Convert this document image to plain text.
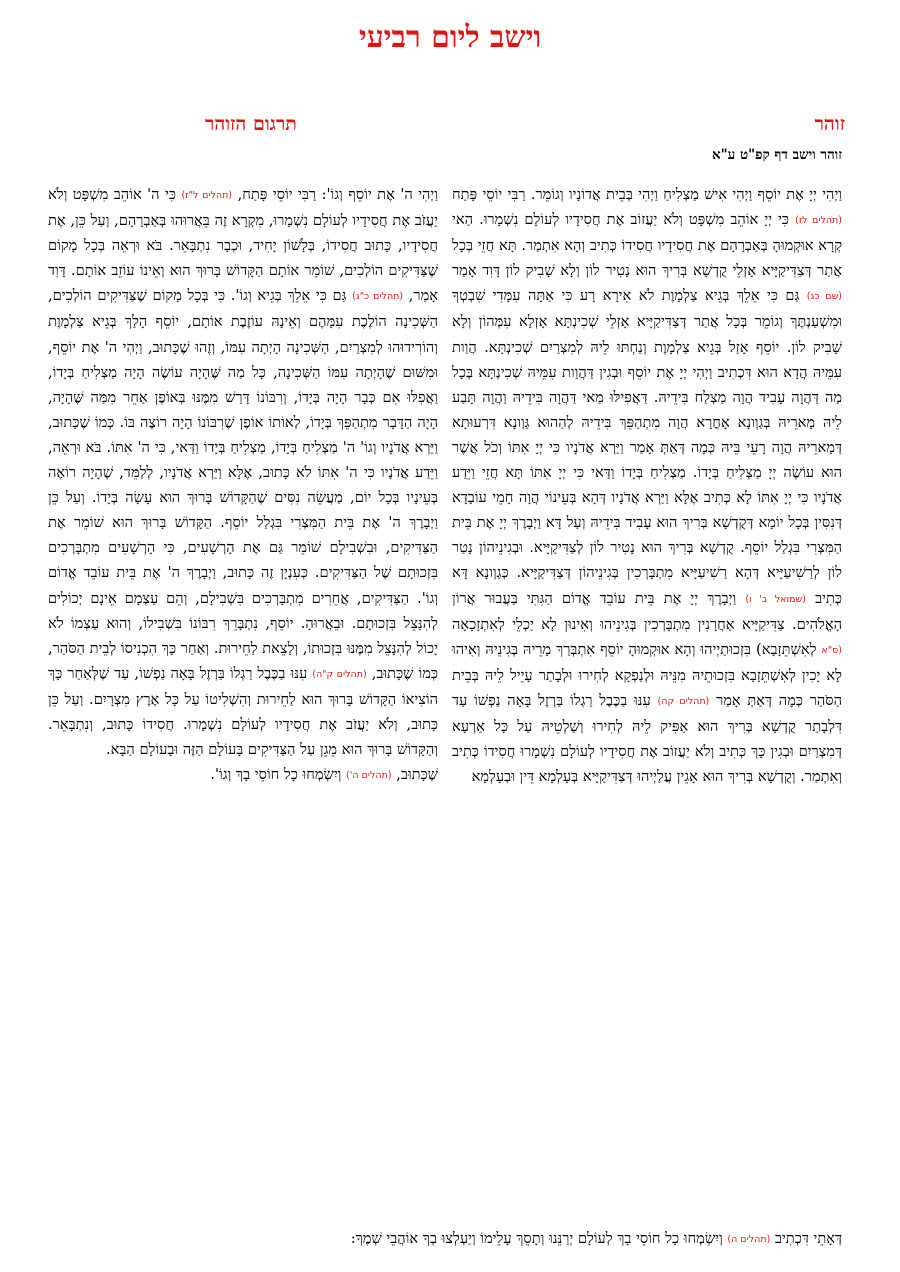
וישב ליום רביעי
תרגום הזוהר	זוהר
זוהר וישב דף קפ"ט ע"א

וַיְהִי יְיָ אֶת יוֹסֵף וַיְהִי אִישׁ מַצְלִיחַ וַיְהִי בְּבֵית אֲדוֹנָיו וְגוֹמֵר. רַבִּי יוֹסֵי פָּתַח (תהלים לז) כִּי יְיָ אוֹהֵב מִשְׁפָּט וְלֹא יַעֲזוֹב אֶת חֲסִידָיו לְעוֹלָם נִשְׁמָרוּ. הַאי קְרָא אוּקְמוּהָ בְּאַבְרָהָם אֶת חֲסִידָיו חֲסִידוֹ כְּתִיב וְהָא אִתְמַר. תָּא חֲזֵי בְּכָל אֲתַר דְּצַדִּיקַיָּיא אָזְלֵי קֻדְשָׁא בְּרִיךְ הוּא נָטִיר לוֹן וְלָא שָׁבִיק לוֹן דָּוִד אָמַר (שם כג) גַּם כִּי אֵלֵךְ בְּגֵיא צַלְמָוֶת לֹא אִירָא רָע כִּי אַתָּה עִמָּדִי שִׁבְטְךָ וּמִשְׁעַנְתֶּךָ וְגוֹמֵר בְּכָל אֲתַר דְּצַדִּיקַיָּיא אָזְלֵי שְׁכִינְתָּא אָזְלָא עִמְּהוֹן וְלָא שָׁבִיק לוֹן. יוֹסֵף אָזַל בְּגֵיא צַלְמָוֶת וְנַחְתּוּ לֵיהּ לְמִצְרַיִם שְׁכִינְתָּא. הֲוַות עִמֵּיהּ הֲדָא הוּא דִּכְתִיב וַיְהִי יְיָ אֶת יוֹסֵף וּבְגִין דַּהֲוַות עִמֵּיהּ שְׁכִינְתָּא בְּכָל מַה דַּהֲוָה עָבִיד הֲוָה מַצְלַח בִּידֵיהּ. דַּאֲפִילּוּ מַאי דַּהֲוָה בִּידֵיהּ וַהֲוָה תָּבַע לֵיהּ מָארֵיהּ בְּגַוְונָא אָחֳרָא הֲוָה מִתְהַפֵּךְ בִּידֵיהּ לְהַהוּא גַּוְונָא דִּרְעוּתָא דְּמָארֵיהּ הֲוָה רָעֵי בֵּיהּ כְּמָה דְּאַתְּ אָמַר וַיַּרְא אֲדֹנָיו כִּי יְיָ אִתּוֹ וְכֹל אֲשֶׁר הוּא עוֹשֶׂה יְיָ מַצְלִיחַ בְּיָדוֹ. מַצְלִיחַ בְּיָדוֹ וַדַּאי כִּי יְיָ אִתּוֹ תָּא חֲזֵי וַיֵּדַע אֲדֹנָיו כִּי יְיָ אִתּוֹ לָא כְּתִיב אֶלָּא וַיַּרְא אֲדֹנָיו דְּהָא בְּעֵינוֹי הֲוָה חָמֵי עוֹבָדָא דְּנִסִּין בְּכָל יוֹמָא דְּקֻדְשָׁא בְּרִיךְ הוּא עָבִיד בִּידֵיהּ וְעַל דָּא וַיְבָרֶךְ יְיָ אֶת בֵּית הַמִּצְרִי בִּגְלַל יוֹסֵף. קֻדְשָׁא בְּרִיךְ הוּא נָטִיר לוֹן לְצַדִּיקַיָּיא. וּבְגִינֵיהוֹן נָטַר לוֹן לְרַשִׁיעַיָּיא דְּהָא רַשִׁיעַיָּיא מִתְבָּרְכִין בְּגִינֵיהוֹן דְּצַדִּיקַיָּיא. כְּגַוְונָא דָּא כְּתִיב (שמואל ב' ו) וַיְבָרֶךְ יְיָ אֶת בֵּית עוֹבֵד אֱדוֹם הַגִּתִּי בַּעֲבוּר אֲרוֹן הָאֱלֹהִים. צַדִּיקַיָּיא אַחֲרָנִין מִתְבָּרְכִין בְּגִינֵיהוּ וְאִינוּן לָא יַכְלֵי לְאִתְזָכָאָה (ס"א לְאִשְׁתֵּזָבָא) בִּזְכוּתַיְיהוּ וְהָא אוּקְמוּהָ יוֹסֵף אִתְבְּרַךְ מָרֵיהּ בְּגִינֵיהּ וְאִיהוּ לָא יָכִין לְאִשְׁתֵּזָבָא בִּזְכוּתֵיהּ מִנֵּיהּ וּלְנַפְקָא לְחִירוּ וּלְבָתַר עָיֵיל לֵיהּ בְּבֵית הַסֹּהַר כְּמָה דְּאַתְּ אָמַר (תהלים קה) עִנּוּ בַכֶּבֶל רַגְלוֹ בַּרְזֶל בָּאָה נַפְשׁוֹ עַד דִּלְבָתַר קֻדְשָׁא בְּרִיךְ הוּא אַפִּיק לֵיהּ לְחִירוּ וְשַׁלְטֵיהּ עַל כָּל אַרְעָא דְּמִצְרַיִם וּבְגִין כָּךְ כְּתִיב וְלֹא יַעֲזוֹב אֶת חֲסִידָיו לְעוֹלָם נִשְׁמָרוּ חֲסִידוֹ כְּתִיב וְאִתְמַר. וְקֻדְשָׁא בְּרִיךְ הוּא אָגֵין עֲלַיְיהוּ דְּצַדִּיקַיָּיא בְּעָלְמָא דֵּין וּבְעָלְמָא

וַיְהִי ה' אֶת יוֹסֵף וְגוֹ': רַבִּי יוֹסֵי פָּתַח, (תהלים ל"ז) כִּי ה' אוֹהֵב מִשְׁפָּט וְלֹא יַעֲזֹב אֶת חֲסִידָיו לְעוֹלָם נִשְׁמָרוּ, מִקְרָא זֶה בֵּאֲרוּהוּ בְּאַבְרָהָם, וְעַל כֵּן, אֶת חֲסִידָיו, כָּתוּב חֲסִידוֹ, בְּלָשׁוֹן יָחִיד, וּכְבָר נִתְבָּאֵר. בֹּא וּרְאֵה בְּכָל מָקוֹם שֶׁצַּדִּיקִים הוֹלְכִים, שׁוֹמֵר אוֹתָם הַקָּדוֹשׁ בָּרוּךְ הוּא וְאֵינוֹ עוֹזֵב אוֹתָם. דָּוִד אָמַר, (תהלים כ"ג) גַּם כִּי אֵלֵךְ בְּגֵיא וְגוֹ'. כִּי בְּכָל מָקוֹם שֶׁצַּדִּיקִים הוֹלְכִים, הַשְּׁכִינָה הוֹלֶכֶת עִמָּהֶם וְאֵינָהּ עוֹזֶבֶת אוֹתָם, יוֹסֵף הָלַךְ בְּגֵיא צַלְמָוֶת וְהוֹרִידוּהוּ לְמִצְרַיִם, הַשְּׁכִינָה הָיְתָה עִמּוֹ, וְזֶהוּ שֶׁכָּתוּב, וַיְהִי ה' אֶת יוֹסֵף, וּמִשּׁוּם שֶׁהָיְתָה עִמּוֹ הַשְּׁכִינָה, כָּל מַה שֶּׁהָיָה עוֹשֶׂה הָיָה מַצְלִיחַ בְּיָדוֹ, וַאֲפִלּוּ אִם כְּבָר הָיָה בְּיָדוֹ, וְרִבּוֹנוֹ דָּרַשׁ מִמֶּנּוּ בְּאוֹפֶן אַחֵר מִמַּה שֶּׁהָיָה, הָיָה הַדָּבָר מִתְהַפֵּךְ בְּיָדוֹ, לְאוֹתוֹ אוֹפֶן שֶׁרִבּוֹנוֹ הָיָה רוֹצֶה בּוֹ. כְּמוֹ שֶׁכָּתוּב, וַיַּרְא אֲדֹנָיו וְגוֹ' ה' מַצְלִיחַ בְּיָדוֹ, מַצְלִיחַ בְּיָדוֹ וַדַּאי, כִּי ה' אִתּוֹ. בֹּא וּרְאֵה, וַיֵּדַע אֲדֹנָיו כִּי ה' אִתּוֹ לֹא כָּתוּב, אֶלָּא וַיַּרְא אֲדֹנָיו, לְלַמֵּד, שֶׁהָיָה רוֹאֶה בְּעֵינָיו בְּכָל יוֹם, מַעֲשֵׂה נִסִּים שֶׁהַקָּדוֹשׁ בָּרוּךְ הוּא עָשָׂה בְּיָדוֹ. וְעַל כֵּן וַיְבָרֶךְ ה' אֶת בֵּית הַמִּצְרִי בִּגְלַל יוֹסֵף. הַקָּדוֹשׁ בָּרוּךְ הוּא שׁוֹמֵר אֶת הַצַּדִּיקִים, וּבִשְׁבִילָם שׁוֹמֵר גַּם אֶת הָרְשָׁעִים, כִּי הָרְשָׁעִים מִתְבָּרְכִים בִּזְכוּתָם שֶׁל הַצַּדִּיקִים. כְּעִנְיָן זֶה כָּתוּב, וַיְבָרֶךְ ה' אֶת בֵּית עוֹבֵד אֱדוֹם וְגוֹ'. הַצַּדִּיקִים, אֲחֵרִים מִתְבָּרְכִים בִּשְׁבִילָם, וְהֵם עַצְמָם אֵינָם יְכוֹלִים לְהִנָּצֵל בִּזְכוּתָם. וּבֵאֲרוּהָ. יוֹסֵף, נִתְבָּרֵךְ רִבּוֹנוֹ בִּשְׁבִילוֹ, וְהוּא עַצְמוֹ לֹא יָכוֹל לְהִנָּצֵל מִמֶּנּוּ בִּזְכוּתוֹ, וְלָצֵאת לַחֵירוּת. וְאַחַר כָּךְ הִכְנִיסוֹ לְבֵית הַסֹּהַר, כְּמוֹ שֶׁכָּתוּב, (תהלים ק"ה) עִנּוּ בַכֶּבֶל רַגְלוֹ בַּרְזֶל בָּאָה נַפְשׁוֹ, עַד שֶׁלְּאַחַר כָּךְ הוֹצִיאוֹ הַקָּדוֹשׁ בָּרוּךְ הוּא לַחֵירוּת וְהִשְׁלִיטוֹ עַל כָּל אֶרֶץ מִצְרָיִם. וְעַל כֵּן כָּתוּב, וְלֹא יַעֲזֹב אֶת חֲסִידָיו לְעוֹלָם נִשְׁמָרוּ. חֲסִידוֹ כָּתוּב, וְנִתְבָּאֵר. וְהַקָּדוֹשׁ בָּרוּךְ הוּא מֵגֵן עַל הַצַּדִּיקִים בָּעוֹלָם הַזֶּה וּבָעוֹלָם הַבָּא.

שֶׁכָּתוּב, (תהלים ה') וְיִשְׂמְחוּ כָל חוֹסֵי בָךְ וְגוֹ'.

דְּאָתֵי דִּכְתִיב (תהלים ה) וְיִשְׂמְחוּ כָל חוֹסֵי בָךְ לְעוֹלָם יְרַנֵּנוּ וְתָסֵךְ עָלֵימוֹ וְיַעְלְצוּ בְךָ אוֹהֲבֵי שְׁמֶךָ:
